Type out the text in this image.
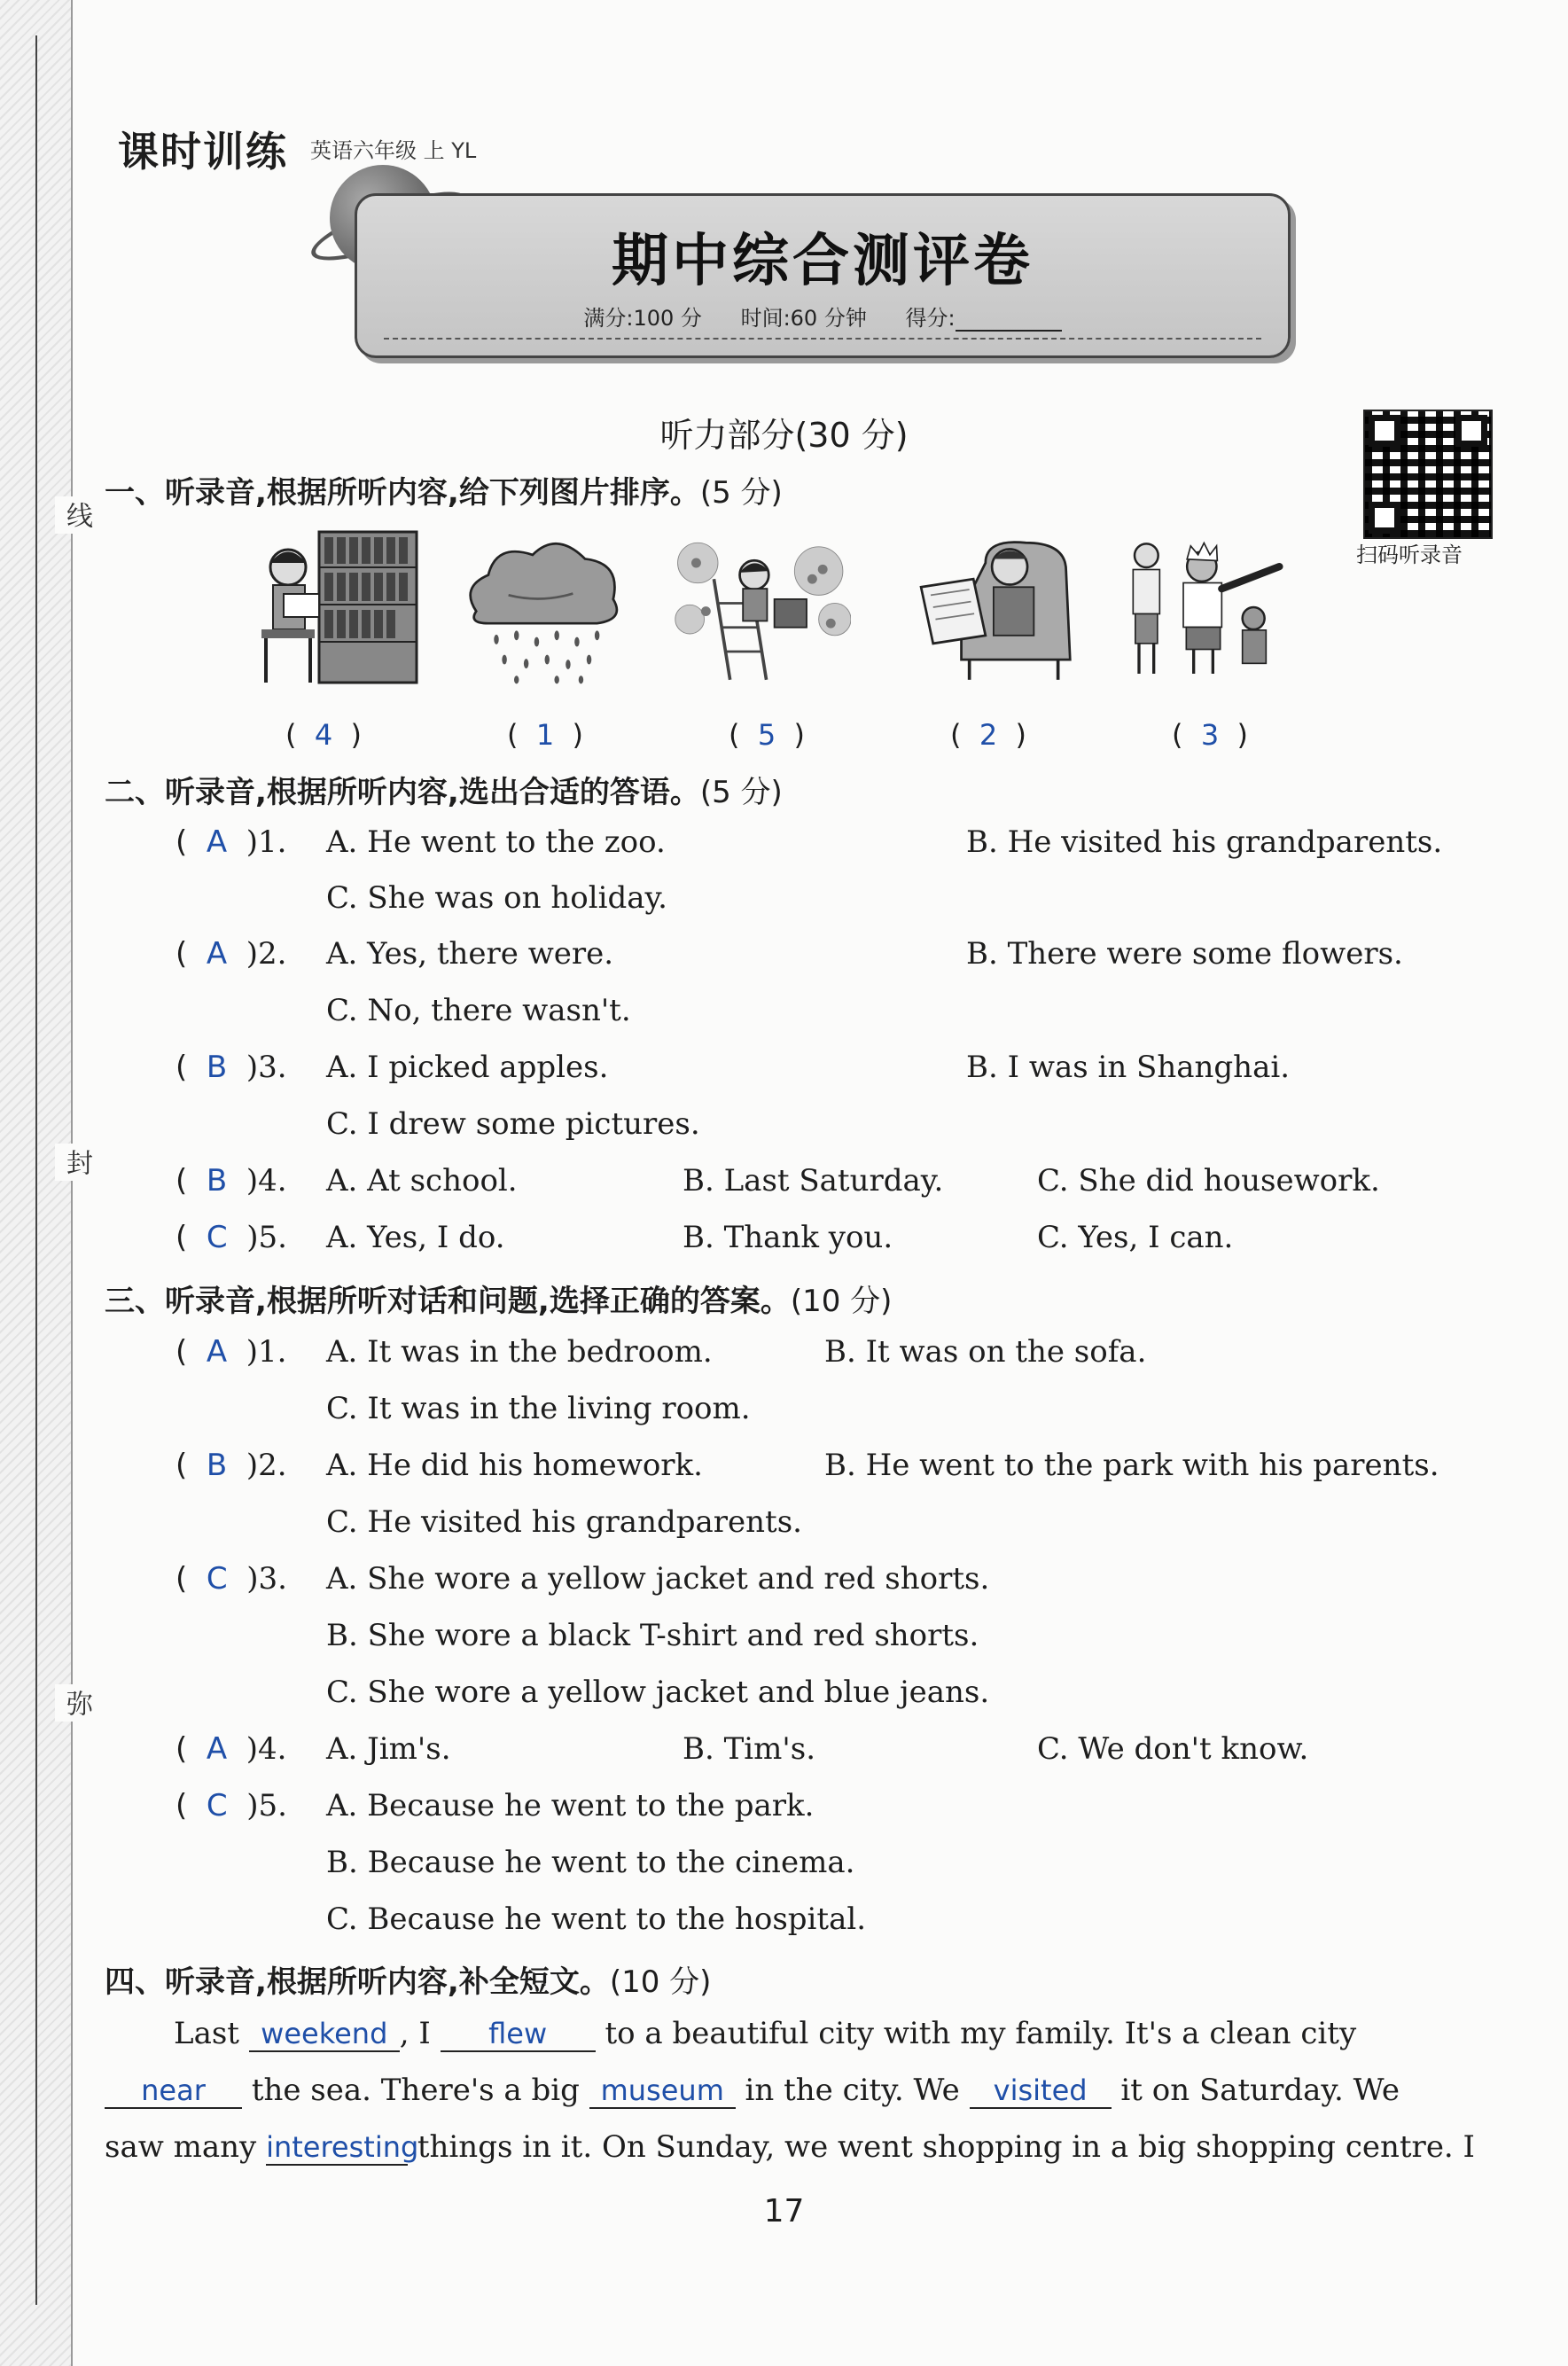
线
封
弥
课时训练 英语六年级 上 YL
期中综合测评卷
满分:100 分 时间:60 分钟 得分:
听力部分(30 分)
扫码听录音
一、听录音,根据所听内容,给下列图片排序。(5 分)
( 4 )	( 1 )	( 5 )	( 2 )	( 3 )
二、听录音,根据所听内容,选出合适的答语。(5 分)
( A )1. A. He went to the zoo.	B. He visited his grandparents.
C. She was on holiday.
( A )2. A. Yes, there were.	B. There were some flowers.
C. No, there wasn't.
( B )3. A. I picked apples.	B. I was in Shanghai.
C. I drew some pictures.
( B )4. A. At school.	B. Last Saturday.	C. She did housework.
( C )5. A. Yes, I do.	B. Thank you.	C. Yes, I can.
三、听录音,根据所听对话和问题,选择正确的答案。(10 分)
( A )1. A. It was in the bedroom.	B. It was on the sofa.
C. It was in the living room.
( B )2. A. He did his homework.	B. He went to the park with his parents.
C. He visited his grandparents.
( C )3. A. She wore a yellow jacket and red shorts.
B. She wore a black T-shirt and red shorts.
C. She wore a yellow jacket and blue jeans.
( A )4. A. Jim's.	B. Tim's.	C. We don't know.
( C )5. A. Because he went to the park.
B. Because he went to the cinema.
C. Because he went to the hospital.
四、听录音,根据所听内容,补全短文。(10 分)
Last weekend , I flew to a beautiful city with my family. It's a clean city
near the sea. There's a big museum in the city. We visited it on Saturday. We
saw many interesting things in it. On Sunday, we went shopping in a big shopping centre. I
17
